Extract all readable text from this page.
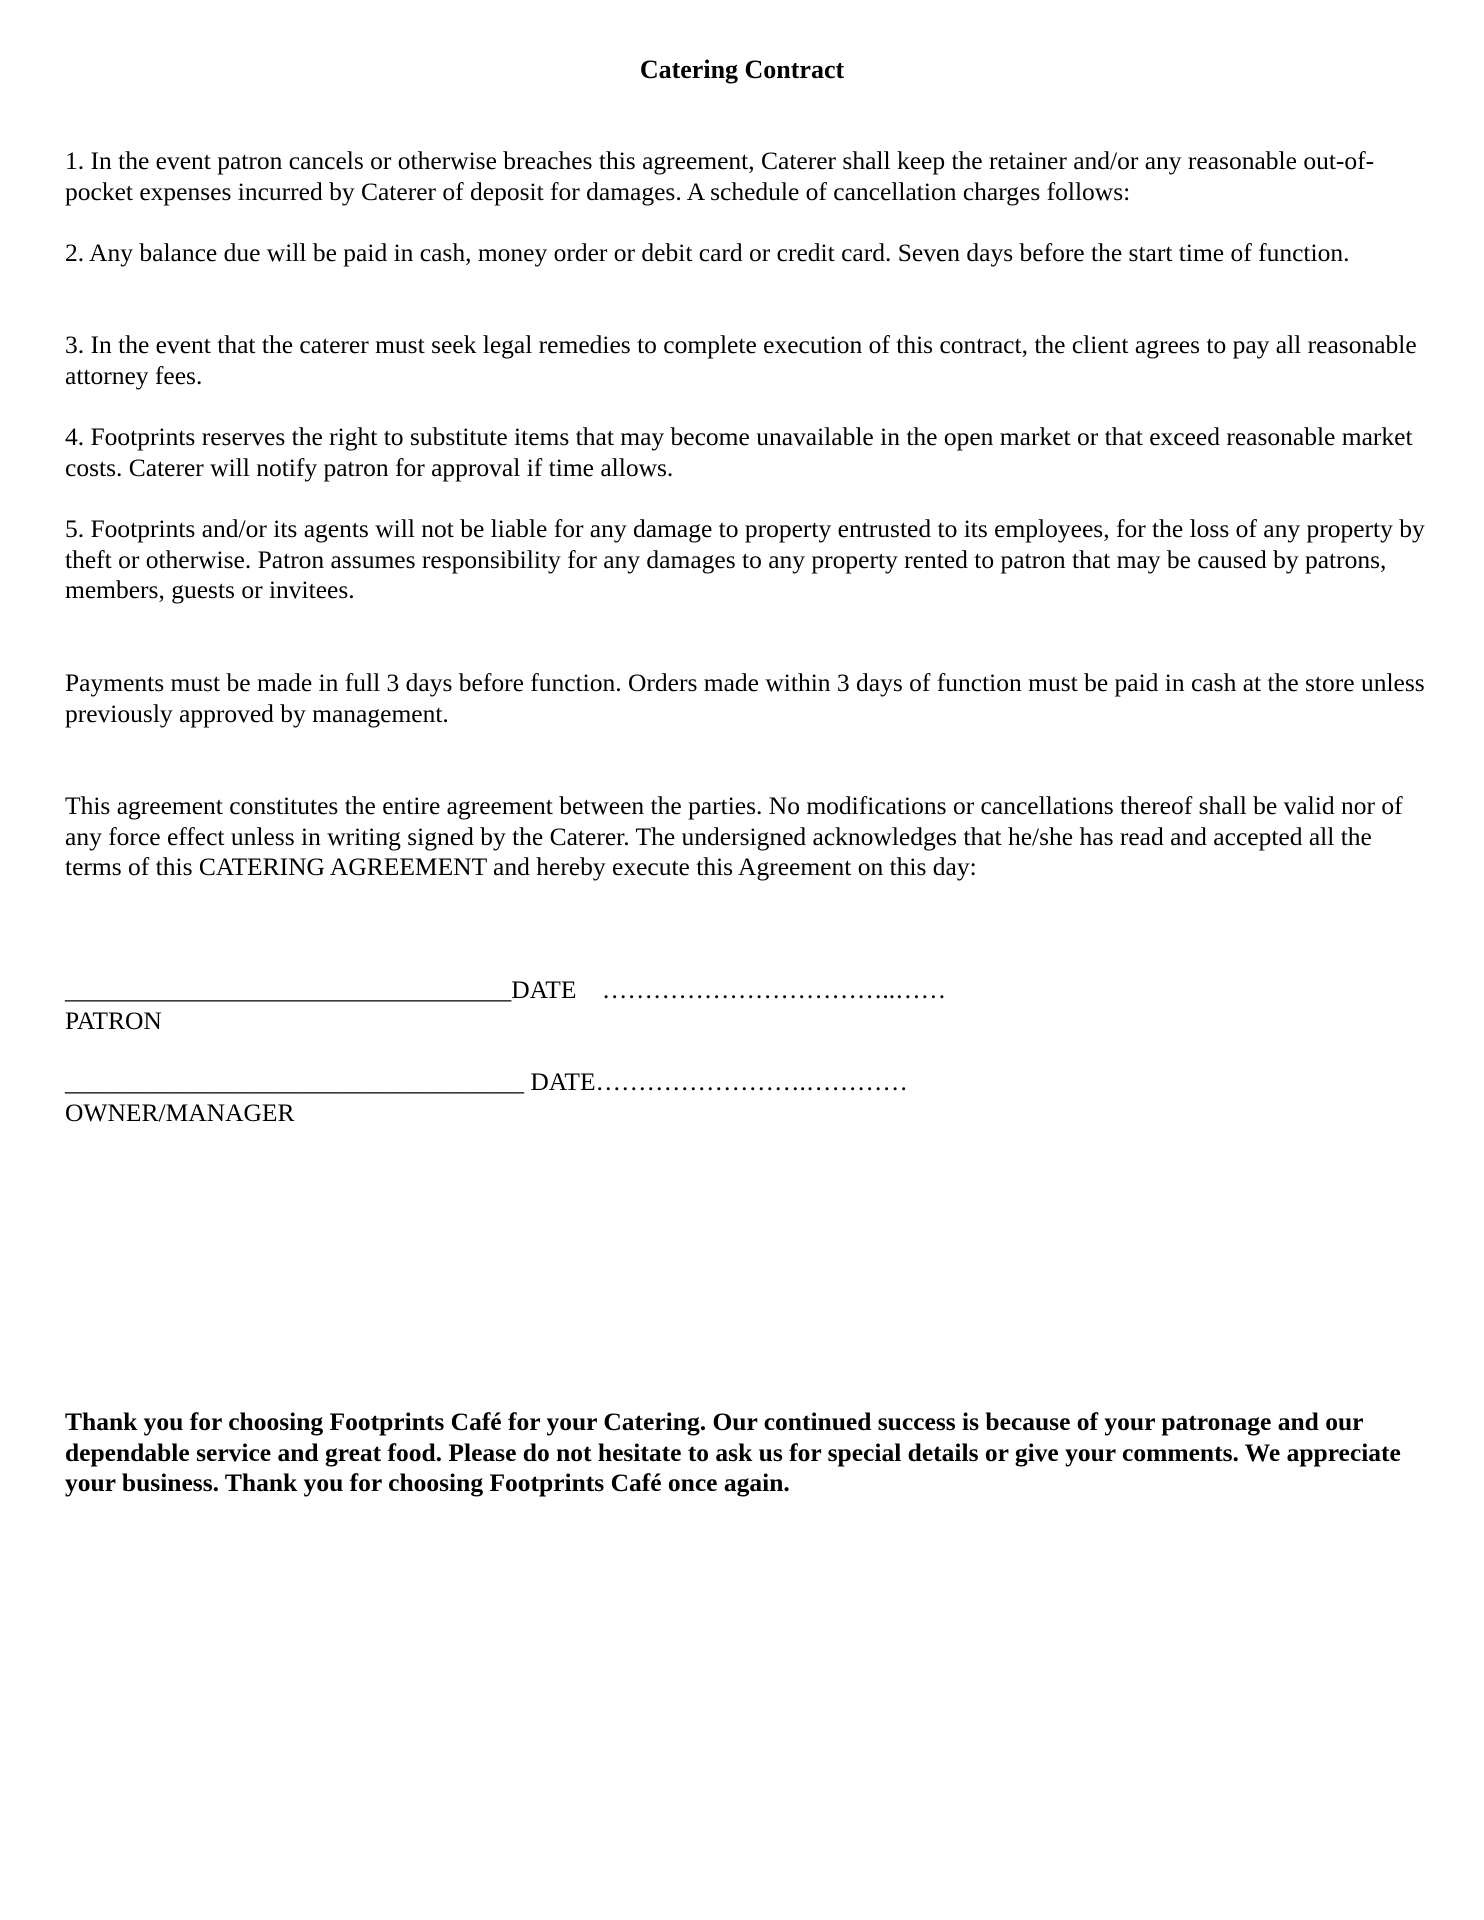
Catering Contract

1. In the event patron cancels or otherwise breaches this agreement, Caterer shall keep the retainer and/or any reasonable out-of-pocket expenses incurred by Caterer of deposit for damages. A schedule of cancellation charges follows:

2. Any balance due will be paid in cash, money order or debit card or credit card. Seven days before the start time of function.

3. In the event that the caterer must seek legal remedies to complete execution of this contract, the client agrees to pay all reasonable attorney fees.

4. Footprints reserves the right to substitute items that may become unavailable in the open market or that exceed reasonable market costs. Caterer will notify patron for approval if time allows.

5. Footprints and/or its agents will not be liable for any damage to property entrusted to its employees, for the loss of any property by theft or otherwise. Patron assumes responsibility for any damages to any property rented to patron that may be caused by patrons, members, guests or invitees.

Payments must be made in full 3 days before function. Orders made within 3 days of function must be paid in cash at the store unless previously approved by management.

This agreement constitutes the entire agreement between the parties. No modifications or cancellations thereof shall be valid nor of any force effect unless in writing signed by the Caterer. The undersigned acknowledges that he/she has read and accepted all the terms of this CATERING AGREEMENT and hereby execute this Agreement on this day:

___________________________________DATE    ……………………………..……
PATRON
____________________________________ DATE…………………….…………
OWNER/MANAGER

Thank you for choosing Footprints Café for your Catering. Our continued success is because of your patronage and our dependable service and great food. Please do not hesitate to ask us for special details or give your comments. We appreciate your business. Thank you for choosing Footprints Café once again.
